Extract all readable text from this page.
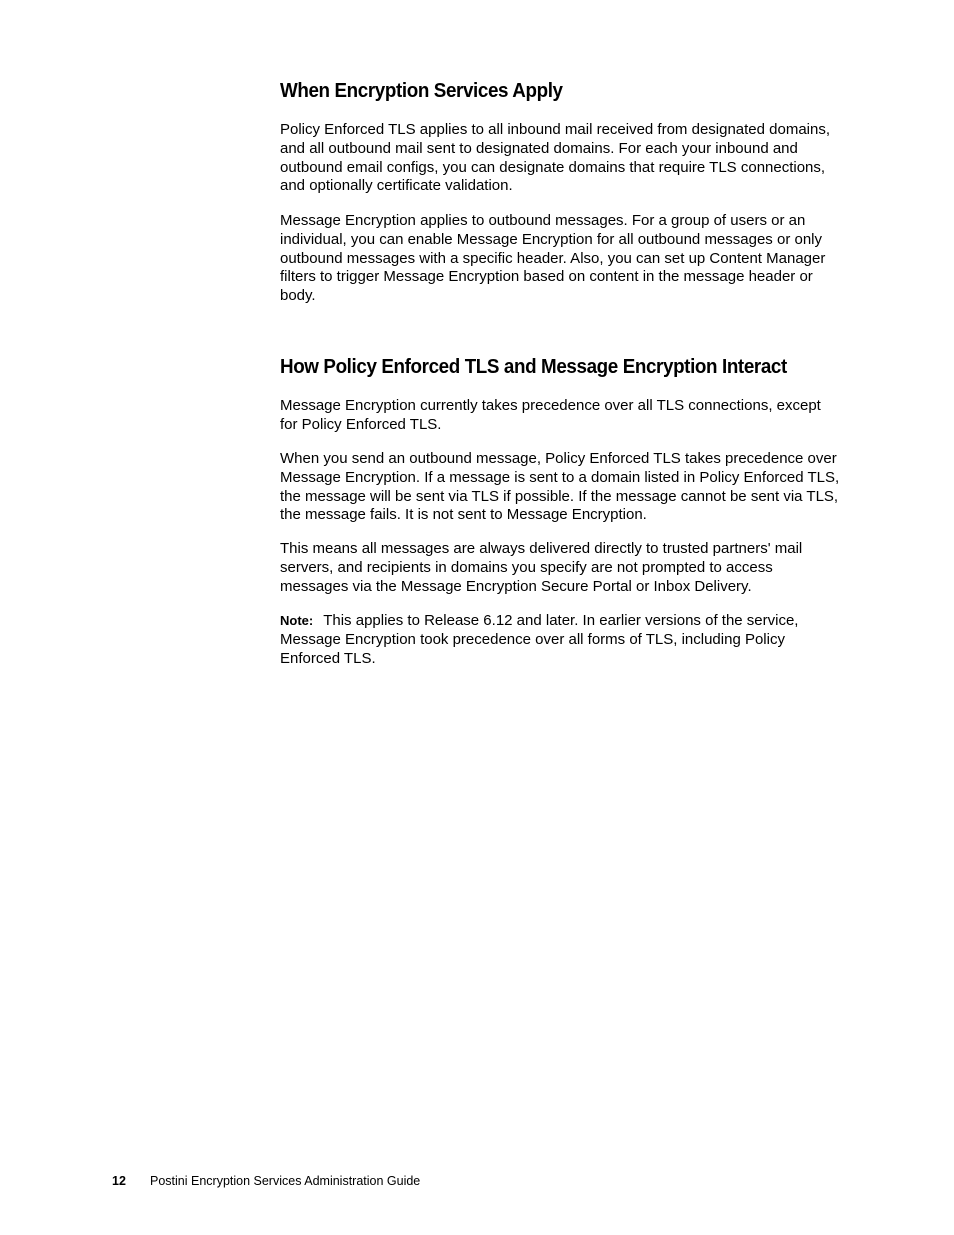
When Encryption Services Apply

Policy Enforced TLS applies to all inbound mail received from designated domains, and all outbound mail sent to designated domains. For each your inbound and outbound email configs, you can designate domains that require TLS connections, and optionally certificate validation.

Message Encryption applies to outbound messages. For a group of users or an individual, you can enable Message Encryption for all outbound messages or only outbound messages with a specific header. Also, you can set up Content Manager filters to trigger Message Encryption based on content in the message header or body.

How Policy Enforced TLS and Message Encryption Interact

Message Encryption currently takes precedence over all TLS connections, except for Policy Enforced TLS.

When you send an outbound message, Policy Enforced TLS takes precedence over Message Encryption. If a message is sent to a domain listed in Policy Enforced TLS, the message will be sent via TLS if possible. If the message cannot be sent via TLS, the message fails. It is not sent to Message Encryption.

This means all messages are always delivered directly to trusted partners' mail servers, and recipients in domains you specify are not prompted to access messages via the Message Encryption Secure Portal or Inbox Delivery.

Note: This applies to Release 6.12 and later. In earlier versions of the service, Message Encryption took precedence over all forms of TLS, including Policy Enforced TLS.

12 Postini Encryption Services Administration Guide
